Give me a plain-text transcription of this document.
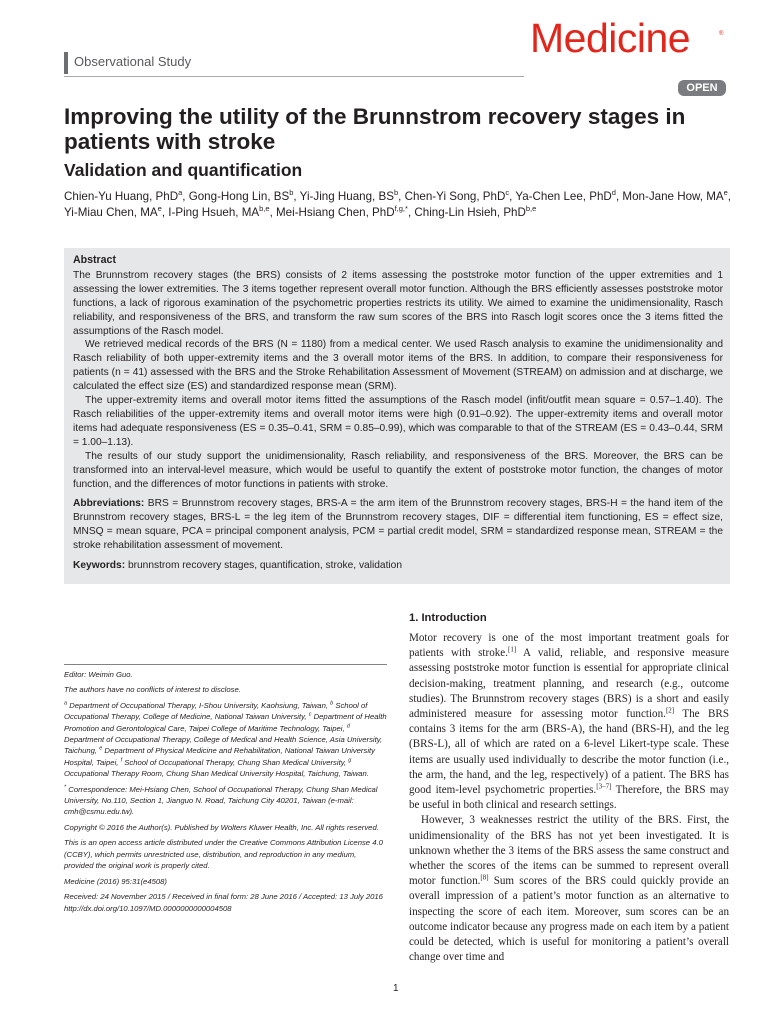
Observational Study
Medicine	®
OPEN
Improving the utility of the Brunnstrom recovery stages in patients with stroke
Validation and quantification
Chien-Yu Huang, PhD$^a$, Gong-Hong Lin, $BS^b$, Yi-Jing Huang, $BS^b$, Chen-Yi Song, PhD$^c$, Ya-Chen Lee, PhD$^d$, Mon-Jane How, $MA^e$, Yi-Miau Chen, $MA^e$, I-Ping Hsueh, MA$^{b,e}$, Mei-Hsiang Chen, PhD$^{f,g,*}$, Ching-Lin Hsieh, PhD$^{b,e}$
Abstract

The Brunnstrom recovery stages (the BRS) consists of 2 items assessing the poststroke motor function of the upper extremities and 1 assessing the lower extremities. The 3 items together represent overall motor function. Although the BRS efficiently assesses poststroke motor functions, a lack of rigorous examination of the psychometric properties restricts its utility. We aimed to examine the unidimensionality, Rasch reliability, and responsiveness of the BRS, and transform the raw sum scores of the BRS into Rasch logit scores once the 3 items fitted the assumptions of the Rasch model.

We retrieved medical records of the BRS (N = 1180) from a medical center. We used Rasch analysis to examine the unidimensionality and Rasch reliability of both upper-extremity items and the 3 overall motor items of the BRS. In addition, to compare their responsiveness for patients (n = 41) assessed with the BRS and the Stroke Rehabilitation Assessment of Movement (STREAM) on admission and at discharge, we calculated the effect size (ES) and standardized response mean (SRM).

The upper-extremity items and overall motor items fitted the assumptions of the Rasch model (infit/outfit mean square = 0.57–1.40). The Rasch reliabilities of the upper-extremity items and overall motor items were high (0.91–0.92). The upper-extremity items and overall motor items had adequate responsiveness (ES = 0.35–0.41, SRM = 0.85–0.99), which was comparable to that of the STREAM (ES = 0.43–0.44, SRM = 1.00–1.13).

The results of our study support the unidimensionality, Rasch reliability, and responsiveness of the BRS. Moreover, the BRS can be transformed into an interval-level measure, which would be useful to quantify the extent of poststroke motor function, the changes of motor function, and the differences of motor functions in patients with stroke.

Abbreviations: BRS = Brunnstrom recovery stages, BRS-A = the arm item of the Brunnstrom recovery stages, BRS-H = the hand item of the Brunnstrom recovery stages, BRS-L = the leg item of the Brunnstrom recovery stages, DIF = differential item functioning, ES = effect size, MNSQ = mean square, PCA = principal component analysis, PCM = partial credit model, SRM = standardized response mean, STREAM = the stroke rehabilitation assessment of movement.
Keywords: brunnstrom recovery stages, quantification, stroke, validation

Editor: Weimin Guo.

The authors have no conflicts of interest to disclose.

$^a$ Department of Occupational Therapy, I-Shou University, Kaohsiung, Taiwan, $^b$ School of Occupational Therapy, College of Medicine, National Taiwan University, $^c$ Department of Health Promotion and Gerontological Care, Taipei College of Maritime Technology, Taipei, $^d$ Department of Occupational Therapy, College of Medical and Health Science, Asia University, Taichung, $^e$ Department of Physical Medicine and Rehabilitation, National Taiwan University Hospital, Taipei, $^f$ School of Occupational Therapy, Chung Shan Medical University, $^g$ Occupational Therapy Room, Chung Shan Medical University Hospital, Taichung, Taiwan.

* Correspondence: Mei-Hsiang Chen, School of Occupational Therapy, Chung Shan Medical University, No.110, Section 1, Jianguo N. Road, Taichung City 40201, Taiwan (e-mail: cmh@csmu.edu.tw).

Copyright © 2016 the Author(s). Published by Wolters Kluwer Health, Inc. All rights reserved.

This is an open access article distributed under the Creative Commons Attribution License 4.0 (CCBY), which permits unrestricted use, distribution, and reproduction in any medium, provided the original work is properly cited.

Medicine (2016) 95:31(e4508)

Received: 24 November 2015 / Received in final form: 28 June 2016 / Accepted: 13 July 2016

http://dx.doi.org/10.1097/MD.0000000000004508

1. Introduction

Motor recovery is one of the most important treatment goals for patients with stroke.[1] A valid, reliable, and responsive measure assessing poststroke motor function is essential for appropriate clinical decision-making, treatment planning, and research (e.g., outcome studies). The Brunnstrom recovery stages (BRS) is a short and easily administered measure for assessing motor function.[2] The BRS contains 3 items for the arm (BRS-A), the hand (BRS-H), and the leg (BRS-L), all of which are rated on a 6-level Likert-type scale. These items are usually used individually to describe the motor function (i.e., the arm, the hand, and the leg, respectively) of a patient. The BRS has good item-level psychometric properties.[3–7] Therefore, the BRS may be useful in both clinical and research settings.

However, 3 weaknesses restrict the utility of the BRS. First, the unidimensionality of the BRS has not yet been investigated. It is unknown whether the 3 items of the BRS assess the same construct and whether the scores of the items can be summed to represent overall motor function.[8] Sum scores of the BRS could quickly provide an overall impression of a patient’s motor function as an alternative to inspecting the score of each item. Moreover, sum scores can be an outcome indicator because any progress made on each item by a patient could be detected, which is useful for monitoring a patient’s overall change over time and

1
